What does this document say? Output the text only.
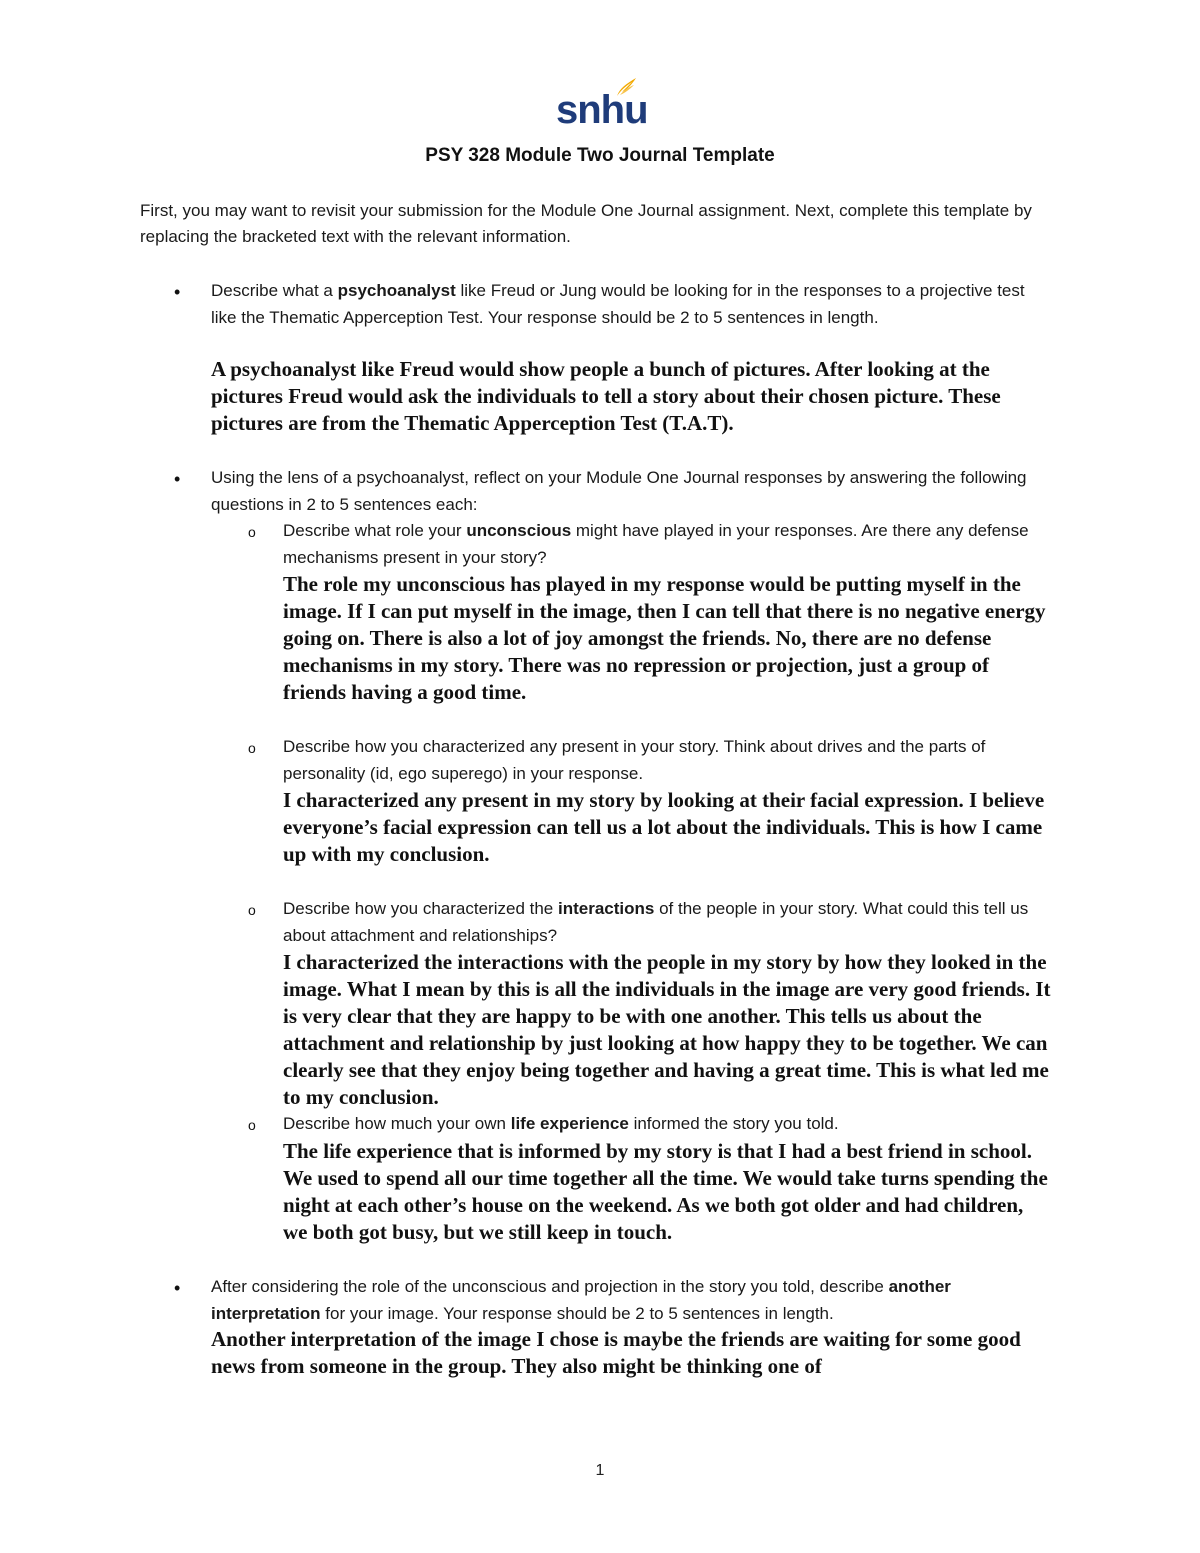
snhu
PSY 328 Module Two Journal Template
First, you may want to revisit your submission for the Module One Journal assignment. Next, complete this template by replacing the bracketed text with the relevant information.
• Describe what a psychoanalyst like Freud or Jung would be looking for in the responses to a projective test like the Thematic Apperception Test. Your response should be 2 to 5 sentences in length.
A psychoanalyst like Freud would show people a bunch of pictures. After looking at the pictures Freud would ask the individuals to tell a story about their chosen picture. These pictures are from the Thematic Apperception Test (T.A.T).
• Using the lens of a psychoanalyst, reflect on your Module One Journal responses by answering the following questions in 2 to 5 sentences each:
o Describe what role your unconscious might have played in your responses. Are there any defense mechanisms present in your story?
The role my unconscious has played in my response would be putting myself in the image. If I can put myself in the image, then I can tell that there is no negative energy going on. There is also a lot of joy amongst the friends. No, there are no defense mechanisms in my story. There was no repression or projection, just a group of friends having a good time.
o Describe how you characterized any present in your story. Think about drives and the parts of personality (id, ego superego) in your response.
I characterized any present in my story by looking at their facial expression. I believe everyone’s facial expression can tell us a lot about the individuals. This is how I came up with my conclusion.
o Describe how you characterized the interactions of the people in your story. What could this tell us about attachment and relationships?
I characterized the interactions with the people in my story by how they looked in the image. What I mean by this is all the individuals in the image are very good friends. It is very clear that they are happy to be with one another. This tells us about the attachment and relationship by just looking at how happy they to be together. We can clearly see that they enjoy being together and having a great time. This is what led me to my conclusion.
o Describe how much your own life experience informed the story you told.
The life experience that is informed by my story is that I had a best friend in school. We used to spend all our time together all the time. We would take turns spending the night at each other’s house on the weekend. As we both got older and had children, we both got busy, but we still keep in touch.
• After considering the role of the unconscious and projection in the story you told, describe another interpretation for your image. Your response should be 2 to 5 sentences in length.
Another interpretation of the image I chose is maybe the friends are waiting for some good news from someone in the group. They also might be thinking one of
1
